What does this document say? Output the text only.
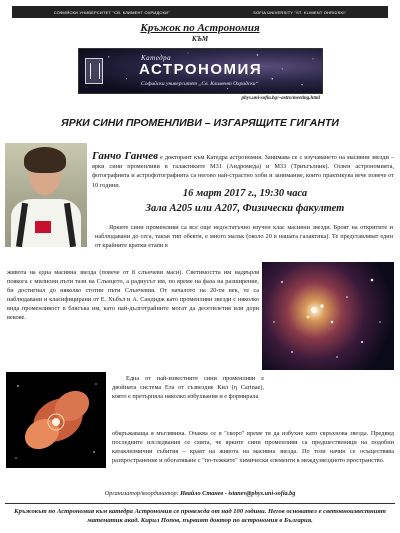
СОФИЙСКИ УНИВЕРСИТЕТ "СВ. КЛИМЕНТ ОХРИДСКИ"	SOFIA UNIVERSITY "ST. KLIMENT OHRIDSKI"
Кръжок по Астрономия
КЪМ
Катедра
АСТРОНОМИЯ
Софийски университет „Св. Климент Охридски“
phys.uni-sofia.bg/~astro/meeting.html
ЯРКИ СИНИ ПРОМЕНЛИВИ – ИЗГАРЯЩИТЕ ГИГАНТИ
Ганчо Ганчев е докторант към Катедра астрономия. Занимава се с изучаването на масивни звезди – ярки сини променливи в галактиките M31 (Андромеда) и M33 (Триъгълник). Освен астрономията, фотографията и астрофотографията са негово най-страстно хоби и занимание, които практикува вече повече от 10 години.
16 март 2017 г., 19:30 часа
Зала А205 или А207, Физически факултет
Ярките сини променливи са все още недостатъчно изучен клас масивни звезди. Броят на откритите и наблюдавани до сега, такъв тип обекти, е много малък (около 20 в нашата галактика). Те представляват един от крайните кратки етапи в
живота на една масивна звезда (повече от 8 слънчеви маси). Светимостта им надвърля поякога с милиони пъти тази на Слънцето, а радиусът им, по време на фаза на разширение, би достигнал до няколко стотин пъти Слънчевия. От началото на 20-ти век, те са наблюдавани и класифицирани от Е. Хъбъл и А. Сандидж като променливи звезди с няколко вида променливост в блясъка им, като най-дълготрайните могат да десетилетия или дори векове.
Една от най-известните сини променливи е двойната система Ета от съзвездие Кил (η Carinae), която е претърпяла няколко избухвания и е формирала
обкръжаваща я мъглявина. Очаква се в "скоро" време тя да избухне като свръхнова звезда. Предвид последните изследвания се смята, че ярките сини променливи са предшественици на подобни катаклизмични събития – краят на живота на масивна звезда. По този начин се осъществява разпространение и обогатяване с "по-тежките" химически елементи в междузвездното пространство.
Организатор/координатор: Ивайло Станев - istanev@phys.uni-sofia.bg
Кръжокът по Астрономия към катедра Астрономия се провежда от над 100 години. Негов основател е световноизвестният математик акад. Кирил Попов, първият доктор по астрономия в България.
